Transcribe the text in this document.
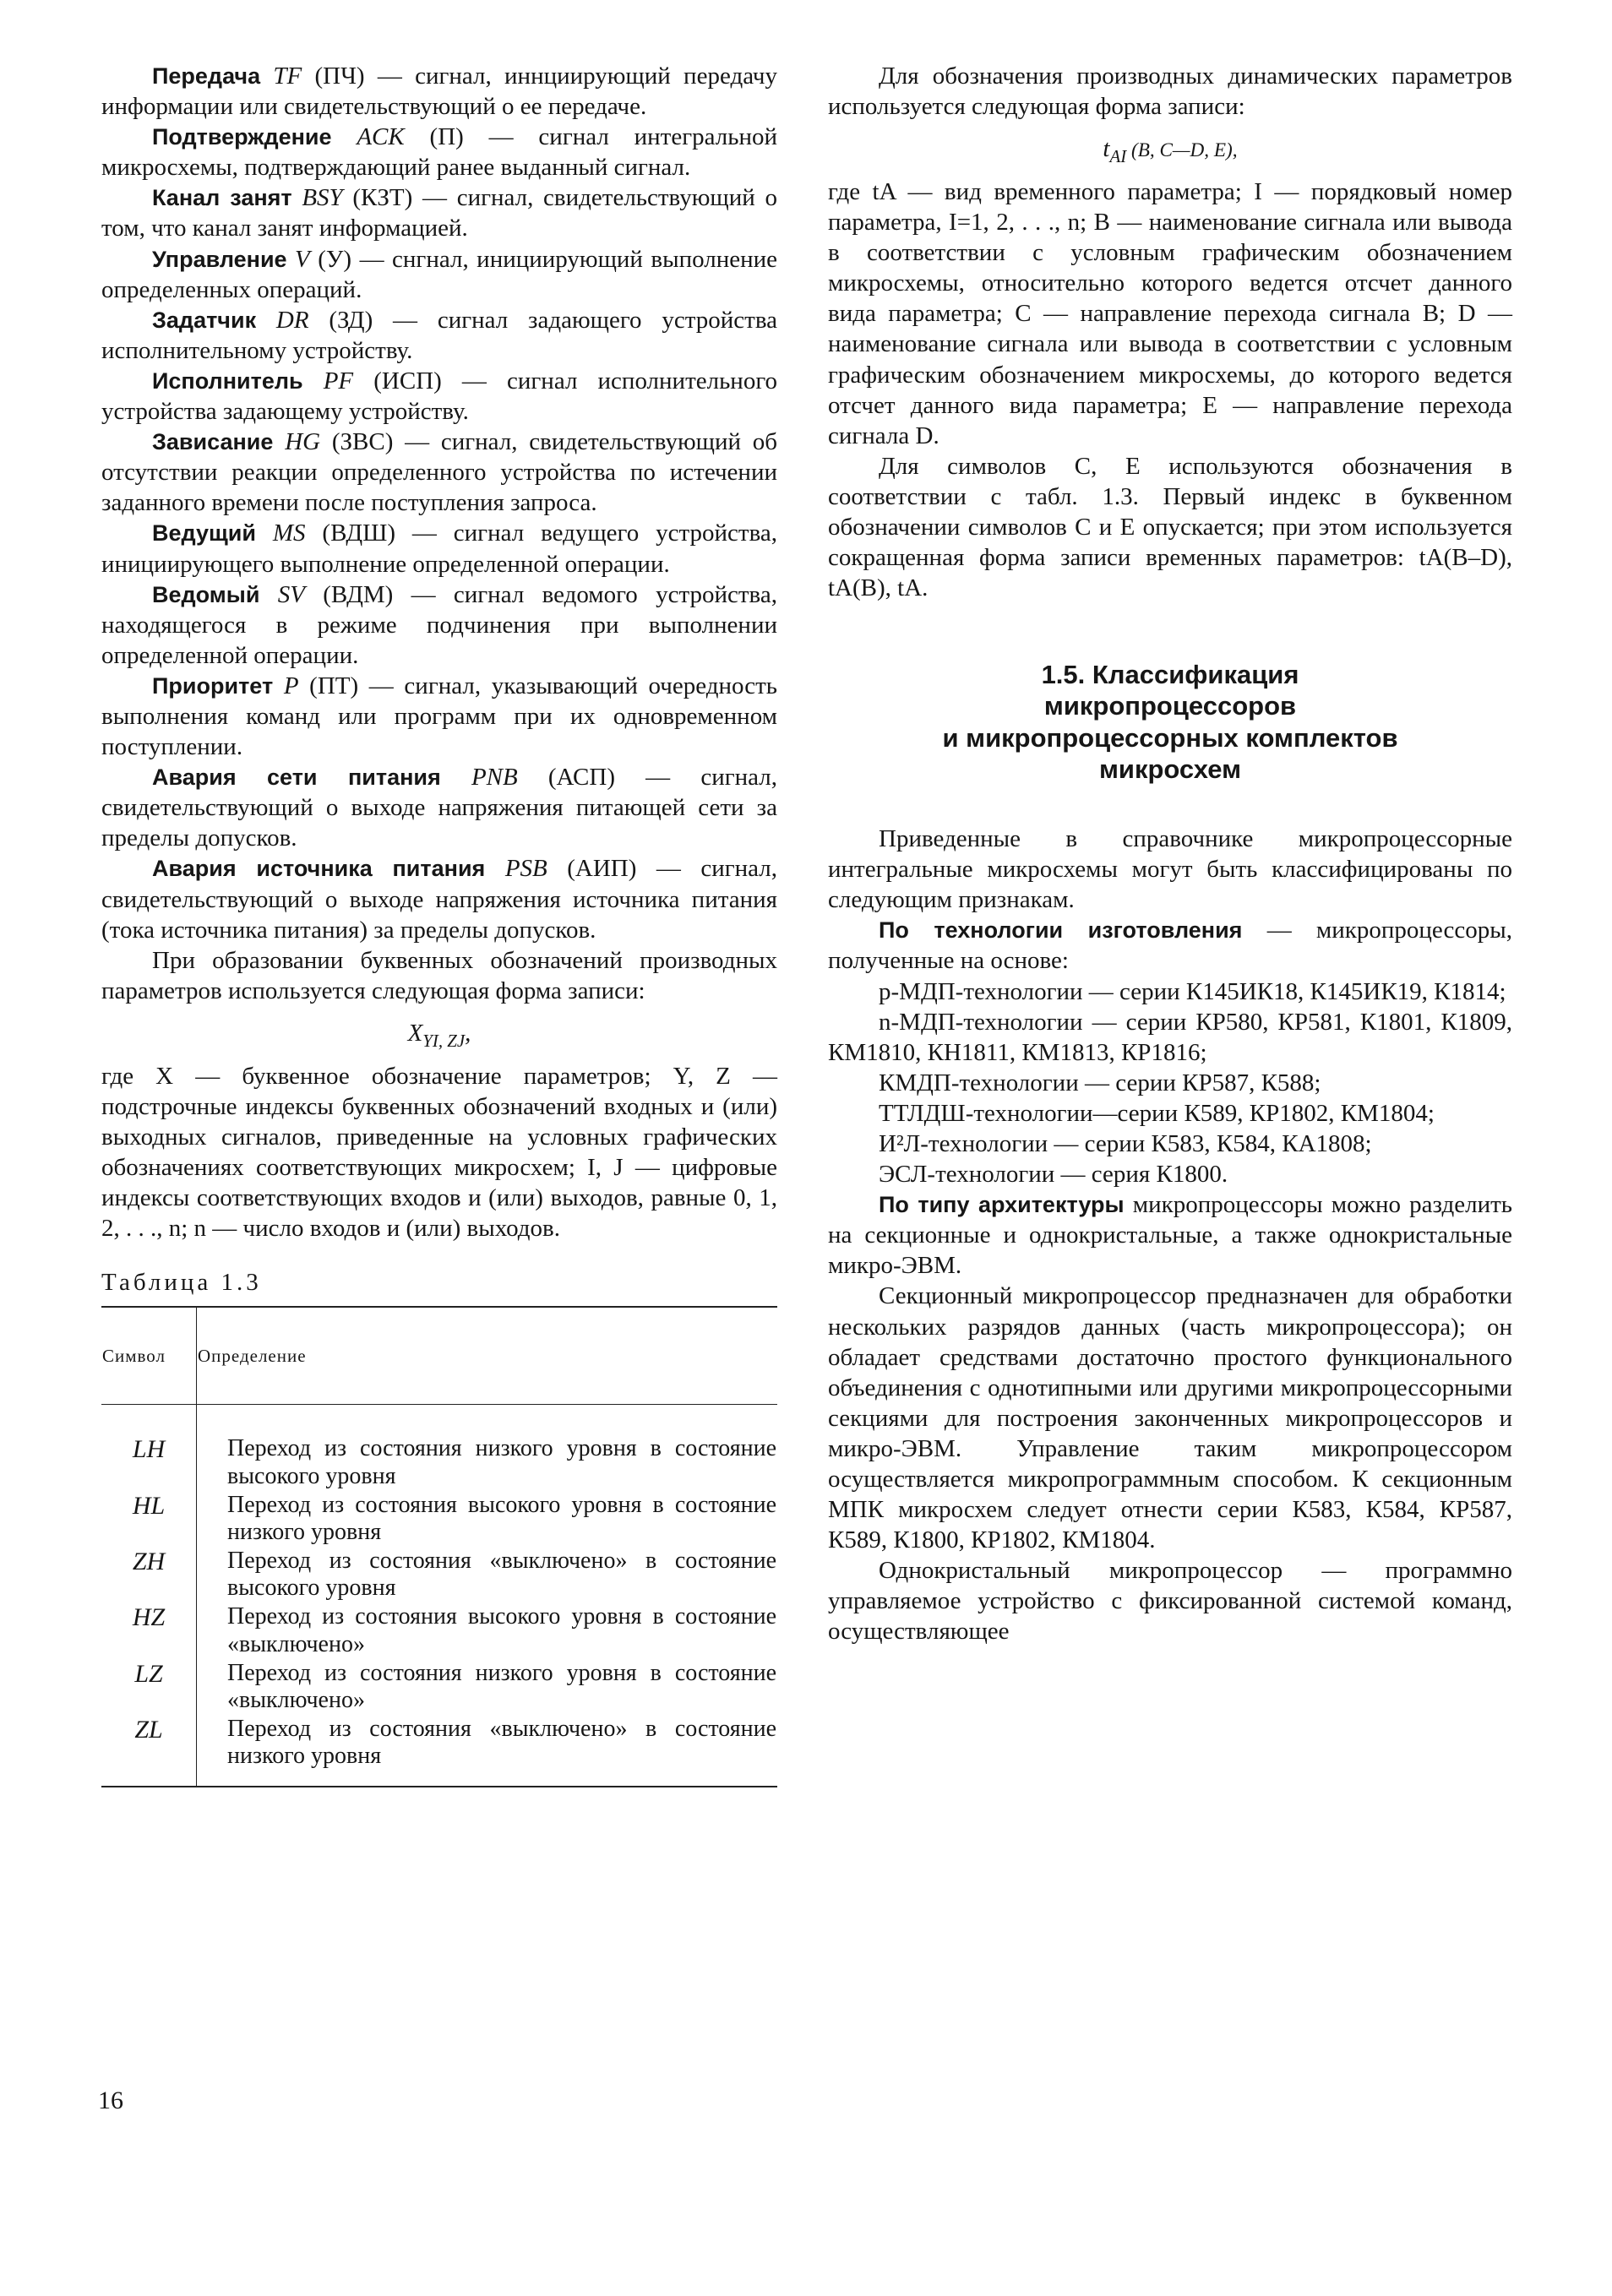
Передача TF (ПЧ) — сигнал, иннциирующий передачу информации или свидетельствующий о ее передаче.

Подтверждение ACK (П) — сигнал интегральной микросхемы, подтверждающий ранее выданный сигнал.

Канал занят BSY (КЗТ) — сигнал, свидетельствующий о том, что канал занят информацией.

Управление V (У) — снгнал, инициирующий выполнение определенных операций.

Задатчик DR (ЗД) — сигнал задающего устройства исполнительному устройству.

Исполнитель PF (ИСП) — сигнал исполнительного устройства задающему устройству.

Зависание HG (ЗВС) — сигнал, свидетельствующий об отсутствии реакции определенного устройства по истечении заданного времени после поступления запроса.

Ведущий MS (ВДШ) — сигнал ведущего устройства, инициирующего выполнение определенной операции.

Ведомый SV (ВДМ) — сигнал ведомого устройства, находящегося в режиме подчинения при выполнении определенной операции.

Приоритет P (ПТ) — сигнал, указывающий очередность выполнения команд или программ при их одновременном поступлении.

Авария сети питания PNB (АСП) — сигнал, свидетельствующий о выходе напряжения питающей сети за пределы допусков.

Авария источника питания PSB (АИП) — сигнал, свидетельствующий о выходе напряжения источника питания (тока источника питания) за пределы допусков.

При образовании буквенных обозначений производных параметров используется следующая форма записи:

$X_{YI, ZJ}$,

где X — буквенное обозначение параметров; Y, Z — подстрочные индексы буквенных обозначений входных и (или) выходных сигналов, приведенные на условных графических обозначениях соответствующих микросхем; I, J — цифровые индексы соответствующих входов и (или) выходов, равные 0, 1, 2, . . ., n; n — число входов и (или) выходов.

Таблица 1.3

Символ	Определение
LH	Переход из состояния низкого уровня в состояние высокого уровня
HL	Переход из состояния высокого уровня в состояние низкого уровня
ZH	Переход из состояния «выключено» в состояние высокого уровня
HZ	Переход из состояния высокого уровня в состояние «выключено»
LZ	Переход из состояния низкого уровня в состояние «выключено»
ZL	Переход из состояния «выключено» в состояние низкого уровня

Для обозначения производных динамических параметров используется следующая форма записи:

$t_{AI}$ (B, C—D, E),

где tA — вид временного параметра; I — порядковый номер параметра, I=1, 2, . . ., n; B — наименование сигнала или вывода в соответствии с условным графическим обозначением микросхемы, относительно которого ведется отсчет данного вида параметра; C — направление перехода сигнала B; D — наименование сигнала или вывода в соответствии с условным графическим обозначением микросхемы, до которого ведется отсчет данного вида параметра; E — направление перехода сигнала D.

Для символов C, E используются обозначения в соответствии с табл. 1.3. Первый индекс в буквенном обозначении символов C и E опускается; при этом используется сокращенная форма записи временных параметров: tA(B–D), tA(B), tA.

1.5. Классификация
микропроцессоров
и микропроцессорных комплектов
микросхем

Приведенные в справочнике микропроцессорные интегральные микросхемы могут быть классифицированы по следующим признакам.

По технологии изготовления — микропроцессоры, полученные на основе:

p-МДП-технологии — серии К145ИК18, К145ИК19, К1814;

n-МДП-технологии — серии КР580, КР581, К1801, К1809, КМ1810, КН1811, КМ1813, КР1816;

КМДП-технологии — серии КР587, К588;

ТТЛДШ-технологии—серии К589, КР1802, КМ1804;

И²Л-технологии — серии К583, К584, КА1808;

ЭСЛ-технологии — серия К1800.

По типу архитектуры микропроцессоры можно разделить на секционные и однокристальные, а также однокристальные микро-ЭВМ.

Секционный микропроцессор предназначен для обработки нескольких разрядов данных (часть микропроцессора); он обладает средствами достаточно простого функционального объединения с однотипными или другими микропроцессорными секциями для построения законченных микропроцессоров и микро-ЭВМ. Управление таким микропроцессором осуществляется микропрограммным способом. К секционным МПК микросхем следует отнести серии К583, К584, КР587, К589, К1800, КР1802, КМ1804.

Однокристальный микропроцессор — программно управляемое устройство с фиксированной системой команд, осуществляющее

16
